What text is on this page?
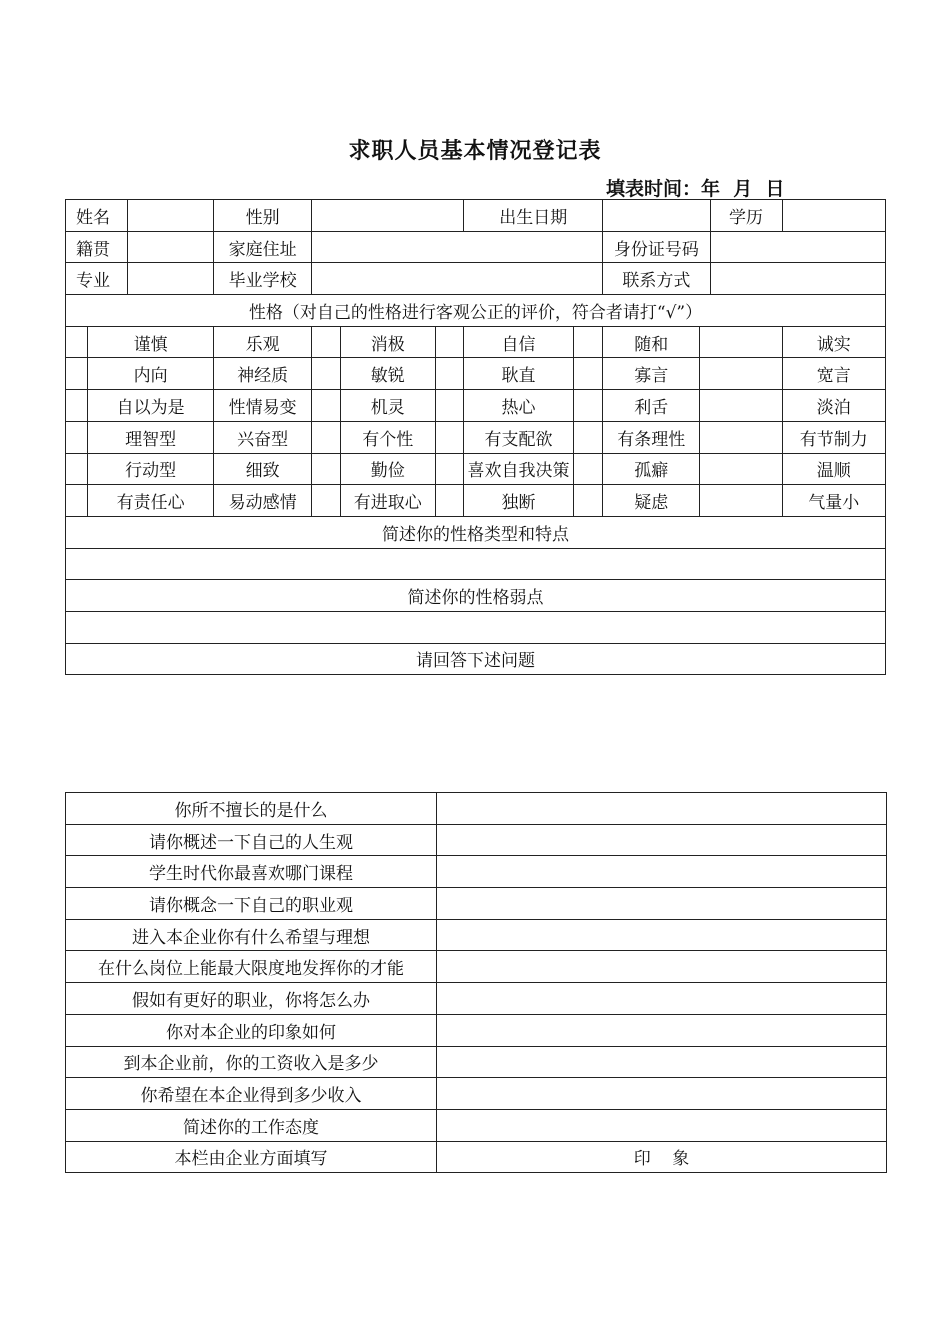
求职人员基本情况登记表
填表时间：年  月  日
姓名			性别				出生日期				学历	
籍贯			家庭住址						身份证号码			
专业			毕业学校						联系方式			
性格（对自己的性格进行客观公正的评价，符合者请打“√”）												
	谨慎		乐观		消极		自信		随和			诚实
	内向		神经质		敏锐		耿直		寡言			宽言
	自以为是		性情易变		机灵		热心		利舌			淡泊
	理智型		兴奋型		有个性		有支配欲		有条理性			有节制力
	行动型		细致		勤俭		喜欢自我决策		孤癖			温顺
	有责任心		易动感情		有进取心		独断		疑虑			气量小
简述你的性格类型和特点												

简述你的性格弱点												

请回答下述问题												
你所不擅长的是什么	
请你概述一下自己的人生观	
学生时代你最喜欢哪门课程	
请你概念一下自己的职业观	
进入本企业你有什么希望与理想	
在什么岗位上能最大限度地发挥你的才能	
假如有更好的职业，你将怎么办	
你对本企业的印象如何	
到本企业前，你的工资收入是多少	
你希望在本企业得到多少收入	
简述你的工作态度	
本栏由企业方面填写	印    象
